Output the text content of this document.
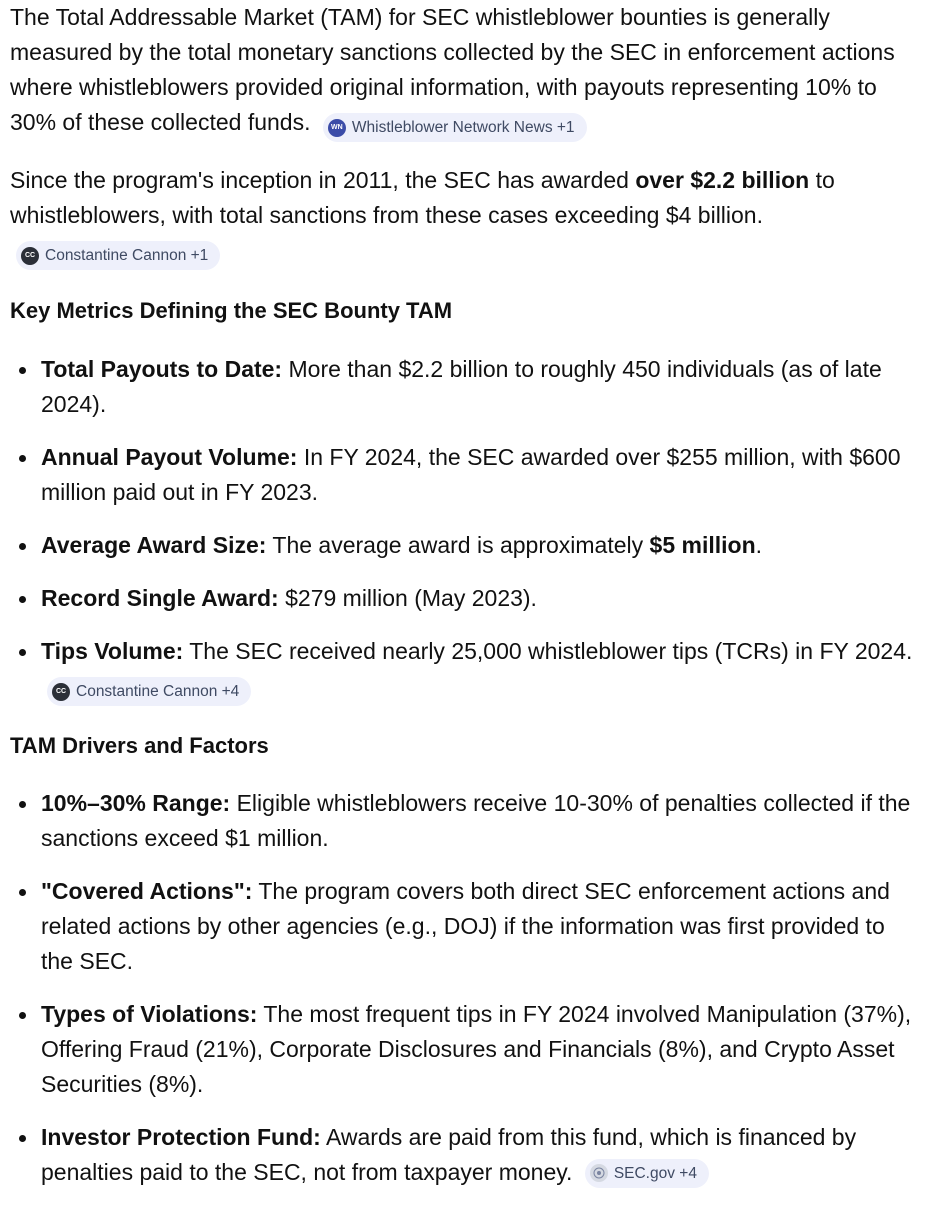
The Total Addressable Market (TAM) for SEC whistleblower bounties is generally measured by the total monetary sanctions collected by the SEC in enforcement actions where whistleblowers provided original information, with payouts representing 10% to 30% of these collected funds.	WN Whistleblower Network News +1

Since the program's inception in 2011, the SEC has awarded over $2.2 billion to whistleblowers, with total sanctions from these cases exceeding $4 billion.
CC Constantine Cannon +1

Key Metrics Defining the SEC Bounty TAM
Total Payouts to Date: More than $2.2 billion to roughly 450 individuals (as of late 2024).
Annual Payout Volume: In FY 2024, the SEC awarded over $255 million, with $600 million paid out in FY 2023.
Average Award Size: The average award is approximately $5 million.
Record Single Award: $279 million (May 2023).
Tips Volume: The SEC received nearly 25,000 whistleblower tips (TCRs) in FY 2024.
CC Constantine Cannon +4
TAM Drivers and Factors
10%–30% Range: Eligible whistleblowers receive 10-30% of penalties collected if the sanctions exceed $1 million.
"Covered Actions": The program covers both direct SEC enforcement actions and related actions by other agencies (e.g., DOJ) if the information was first provided to the SEC.
Types of Violations: The most frequent tips in FY 2024 involved Manipulation (37%), Offering Fraud (21%), Corporate Disclosures and Financials (8%), and Crypto Asset Securities (8%).
Investor Protection Fund: Awards are paid from this fund, which is financed by penalties paid to the SEC, not from taxpayer money.	SEC.gov +4
